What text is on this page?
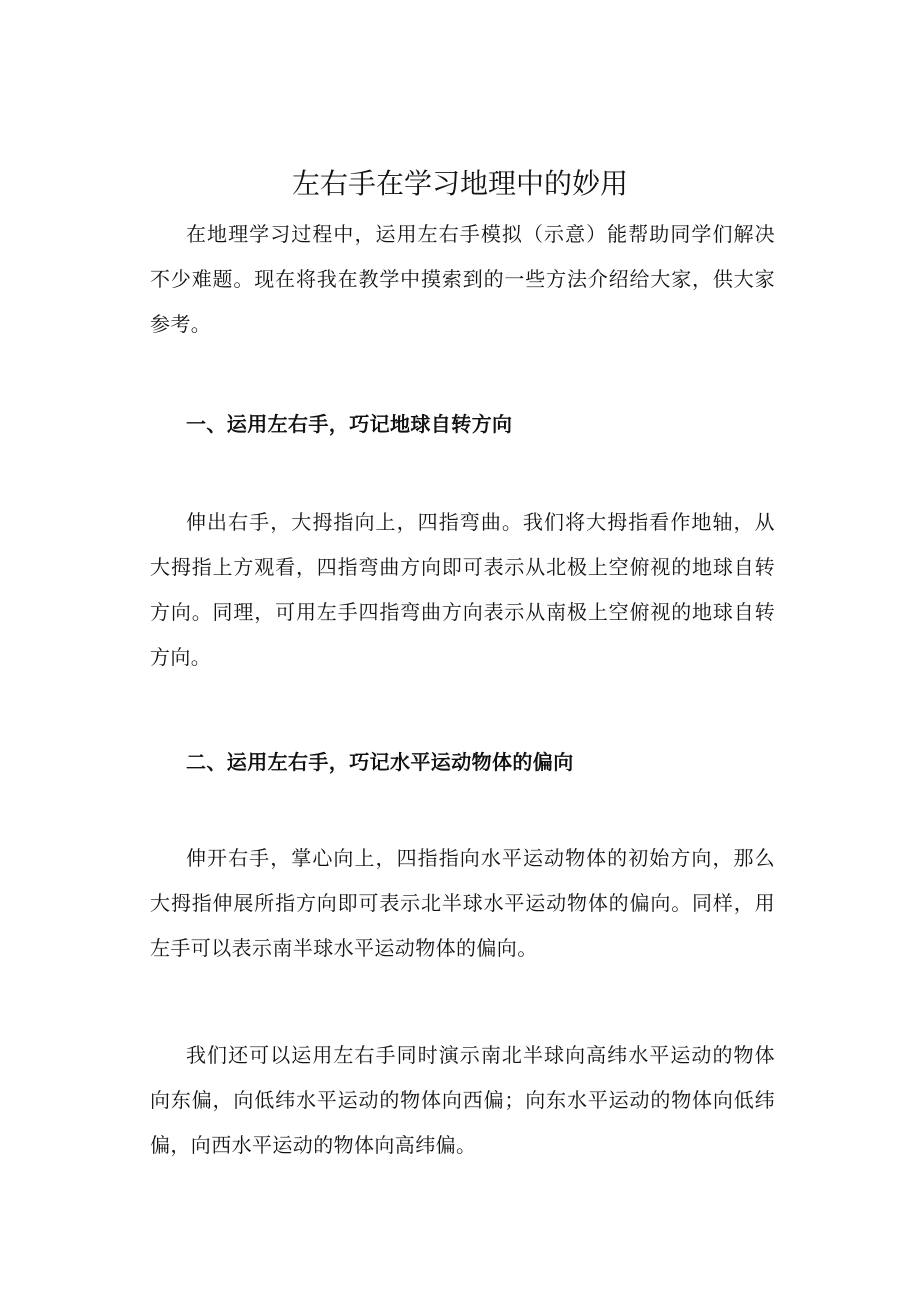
左右手在学习地理中的妙用

在地理学习过程中，运用左右手模拟（示意）能帮助同学们解决不少难题。现在将我在教学中摸索到的一些方法介绍给大家，供大家参考。

一、运用左右手，巧记地球自转方向

伸出右手，大拇指向上，四指弯曲。我们将大拇指看作地轴，从大拇指上方观看，四指弯曲方向即可表示从北极上空俯视的地球自转方向。同理，可用左手四指弯曲方向表示从南极上空俯视的地球自转方向。

二、运用左右手，巧记水平运动物体的偏向

伸开右手，掌心向上，四指指向水平运动物体的初始方向，那么大拇指伸展所指方向即可表示北半球水平运动物体的偏向。同样，用左手可以表示南半球水平运动物体的偏向。

我们还可以运用左右手同时演示南北半球向高纬水平运动的物体向东偏，向低纬水平运动的物体向西偏；向东水平运动的物体向低纬偏，向西水平运动的物体向高纬偏。
